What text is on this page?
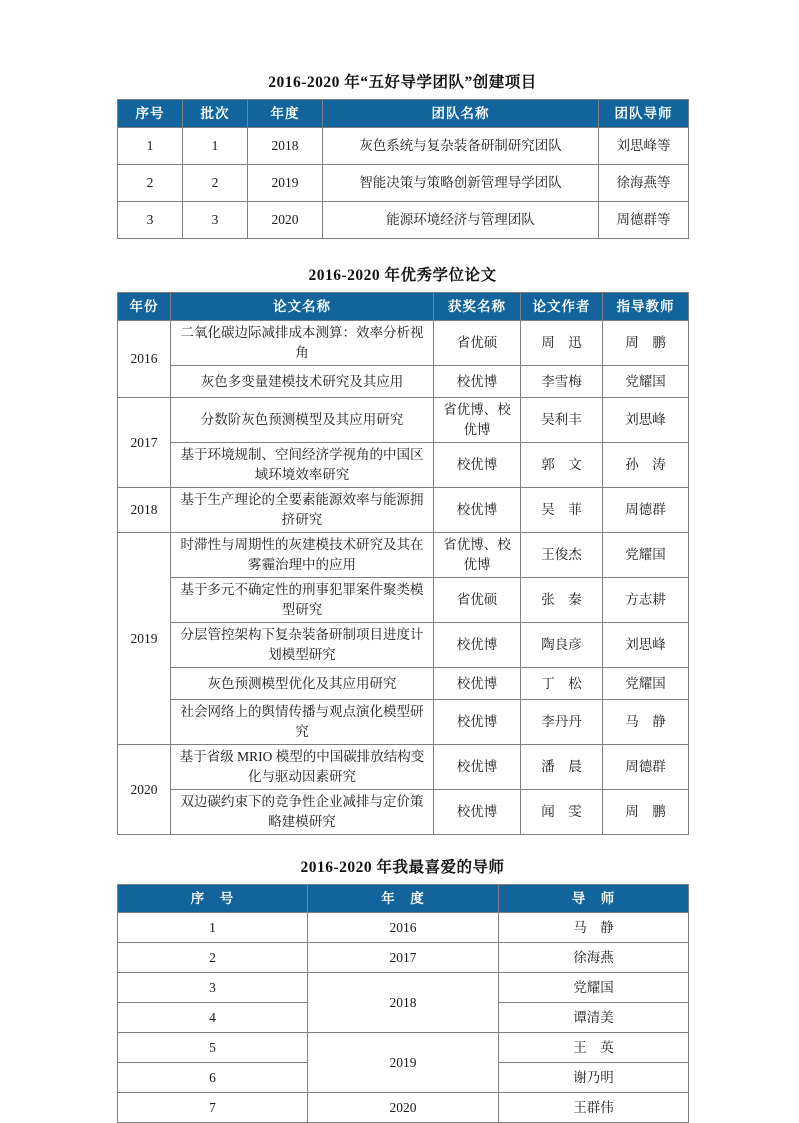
2016-2020 年“五好导学团队”创建项目
序号	批次	年度	团队名称	团队导师
1	1	2018	灰色系统与复杂装备研制研究团队	刘思峰等
2	2	2019	智能决策与策略创新管理导学团队	徐海燕等
3	3	2020	能源环境经济与管理团队	周德群等
2016-2020 年优秀学位论文
年份	论文名称	获奖名称	论文作者	指导教师
2016	二氧化碳边际减排成本测算：效率分析视角	省优硕	周　迅	周　鹏
	灰色多变量建模技术研究及其应用	校优博	李雪梅	党耀国
2017	分数阶灰色预测模型及其应用研究	省优博、校优博	吴利丰	刘思峰
	基于环境规制、空间经济学视角的中国区域环境效率研究	校优博	郭　文	孙　涛
2018	基于生产理论的全要素能源效率与能源拥挤研究	校优博	吴　菲	周德群
2019	时滞性与周期性的灰建模技术研究及其在雾霾治理中的应用	省优博、校优博	王俊杰	党耀国
	基于多元不确定性的刑事犯罪案件聚类模型研究	省优硕	张　秦	方志耕
	分层管控架构下复杂装备研制项目进度计划模型研究	校优博	陶良彦	刘思峰
	灰色预测模型优化及其应用研究	校优博	丁　松	党耀国
	社会网络上的舆情传播与观点演化模型研究	校优博	李丹丹	马　静
2020	基于省级 MRIO 模型的中国碳排放结构变化与驱动因素研究	校优博	潘　晨	周德群
	双边碳约束下的竞争性企业减排与定价策略建模研究	校优博	闻　雯	周　鹏
2016-2020 年我最喜爱的导师
序　号	年　度	导　师
1	2016	马　静
2	2017	徐海燕
3	2018	党耀国
4		谭清美
5	2019	王　英
6		谢乃明
7	2020	王群伟
